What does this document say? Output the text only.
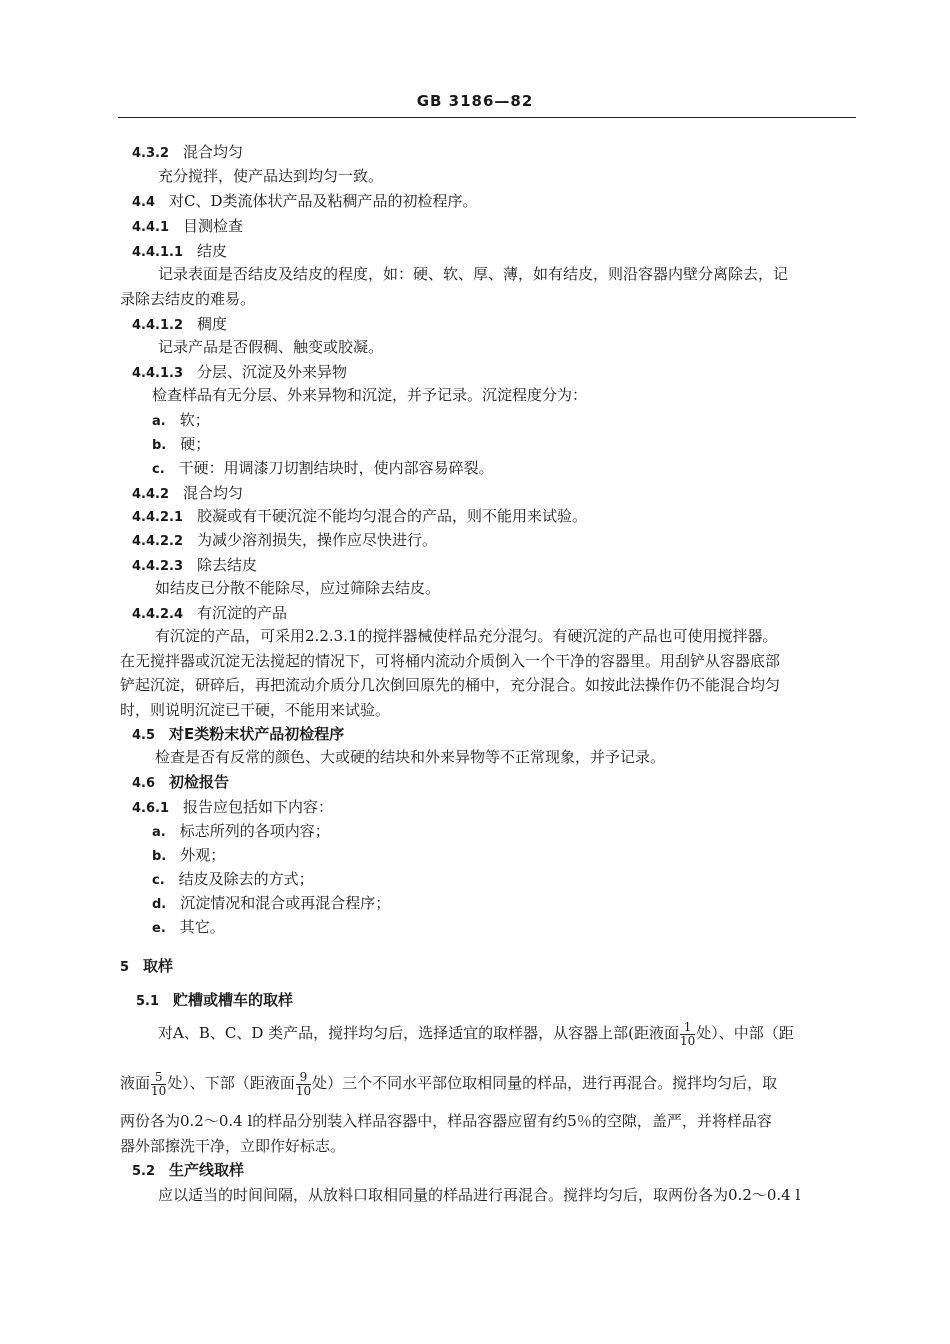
GB 3186—82
4.3.2 混合均匀
充分搅拌，使产品达到均匀一致。
4.4 对C、D类流体状产品及粘稠产品的初检程序。
4.4.1 目测检查
4.4.1.1 结皮
记录表面是否结皮及结皮的程度，如：硬、软、厚、薄，如有结皮，则沿容器内壁分离除去，记
录除去结皮的难易。
4.4.1.2 稠度
记录产品是否假稠、触变或胶凝。
4.4.1.3 分层、沉淀及外来异物
检查样品有无分层、外来异物和沉淀，并予记录。沉淀程度分为：
a. 软；
b. 硬；
c. 干硬：用调漆刀切割结块时，使内部容易碎裂。
4.4.2 混合均匀
4.4.2.1 胶凝或有干硬沉淀不能均匀混合的产品，则不能用来试验。
4.4.2.2 为减少溶剂损失，操作应尽快进行。
4.4.2.3 除去结皮
如结皮已分散不能除尽，应过筛除去结皮。
4.4.2.4 有沉淀的产品
有沉淀的产品，可采用2.2.3.1的搅拌器械使样品充分混匀。有硬沉淀的产品也可使用搅拌器。
在无搅拌器或沉淀无法搅起的情况下，可将桶内流动介质倒入一个干净的容器里。用刮铲从容器底部
铲起沉淀，研碎后，再把流动介质分几次倒回原先的桶中，充分混合。如按此法操作仍不能混合均匀
时，则说明沉淀已干硬，不能用来试验。
4.5 对E类粉末状产品初检程序
检查是否有反常的颜色、大或硬的结块和外来异物等不正常现象，并予记录。
4.6 初检报告
4.6.1 报告应包括如下内容：
a. 标志所列的各项内容；
b. 外观；
c. 结皮及除去的方式；
d. 沉淀情况和混合或再混合程序；
e. 其它。
5 取样
5.1 贮槽或槽车的取样
对A、B、C、D 类产品，搅拌均匀后，选择适宜的取样器，从容器上部(距液面 $\frac{1}{10}$ 处）、中部（距
液面 $\frac{5}{10}$ 处）、下部（距液面 $\frac{9}{10}$ 处）三个不同水平部位取相同量的样品，进行再混合。搅拌均匀后，取
两份各为0.2～0.4 l的样品分别装入样品容器中，样品容器应留有约5％的空隙，盖严，并将样品容
器外部擦洗干净，立即作好标志。
5.2 生产线取样
应以适当的时间间隔，从放料口取相同量的样品进行再混合。搅拌均匀后，取两份各为0.2～0.4 l
